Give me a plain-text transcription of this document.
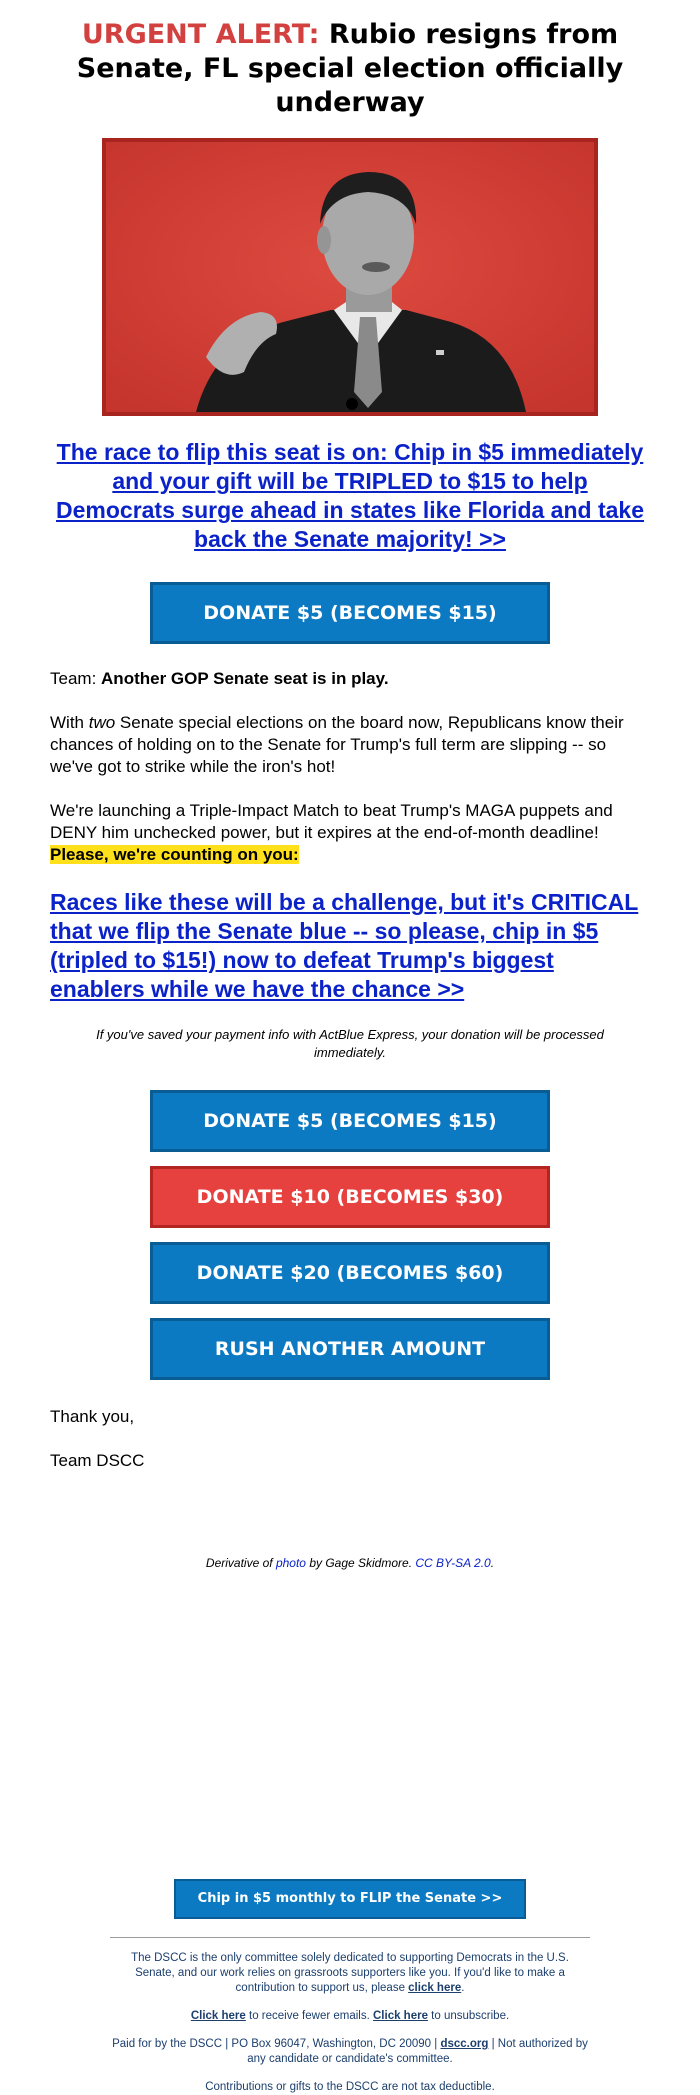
URGENT ALERT: Rubio resigns from Senate, FL special election officially underway
The race to flip this seat is on: Chip in $5 immediately and your gift will be TRIPLED to $15 to help Democrats surge ahead in states like Florida and take back the Senate majority! >>
DONATE $5 (BECOMES $15)
Team: Another GOP Senate seat is in play.
With two Senate special elections on the board now, Republicans know their chances of holding on to the Senate for Trump's full term are slipping -- so we've got to strike while the iron's hot!
We're launching a Triple-Impact Match to beat Trump's MAGA puppets and DENY him unchecked power, but it expires at the end-of-month deadline!
Please, we're counting on you:
Races like these will be a challenge, but it's CRITICAL that we flip the Senate blue -- so please, chip in $5 (tripled to $15!) now to defeat Trump's biggest enablers while we have the chance >>
If you've saved your payment info with ActBlue Express, your donation will be processed immediately.
DONATE $5 (BECOMES $15)
DONATE $10 (BECOMES $30)
DONATE $20 (BECOMES $60)
RUSH ANOTHER AMOUNT
Thank you,
Team DSCC
Derivative of photo by Gage Skidmore. CC BY-SA 2.0.
Chip in $5 monthly to FLIP the Senate >>
The DSCC is the only committee solely dedicated to supporting Democrats in the U.S. Senate, and our work relies on grassroots supporters like you. If you'd like to make a contribution to support us, please click here.
Click here to receive fewer emails. Click here to unsubscribe.
Paid for by the DSCC | PO Box 96047, Washington, DC 20090 | dscc.org | Not authorized by any candidate or candidate's committee.
Contributions or gifts to the DSCC are not tax deductible.
